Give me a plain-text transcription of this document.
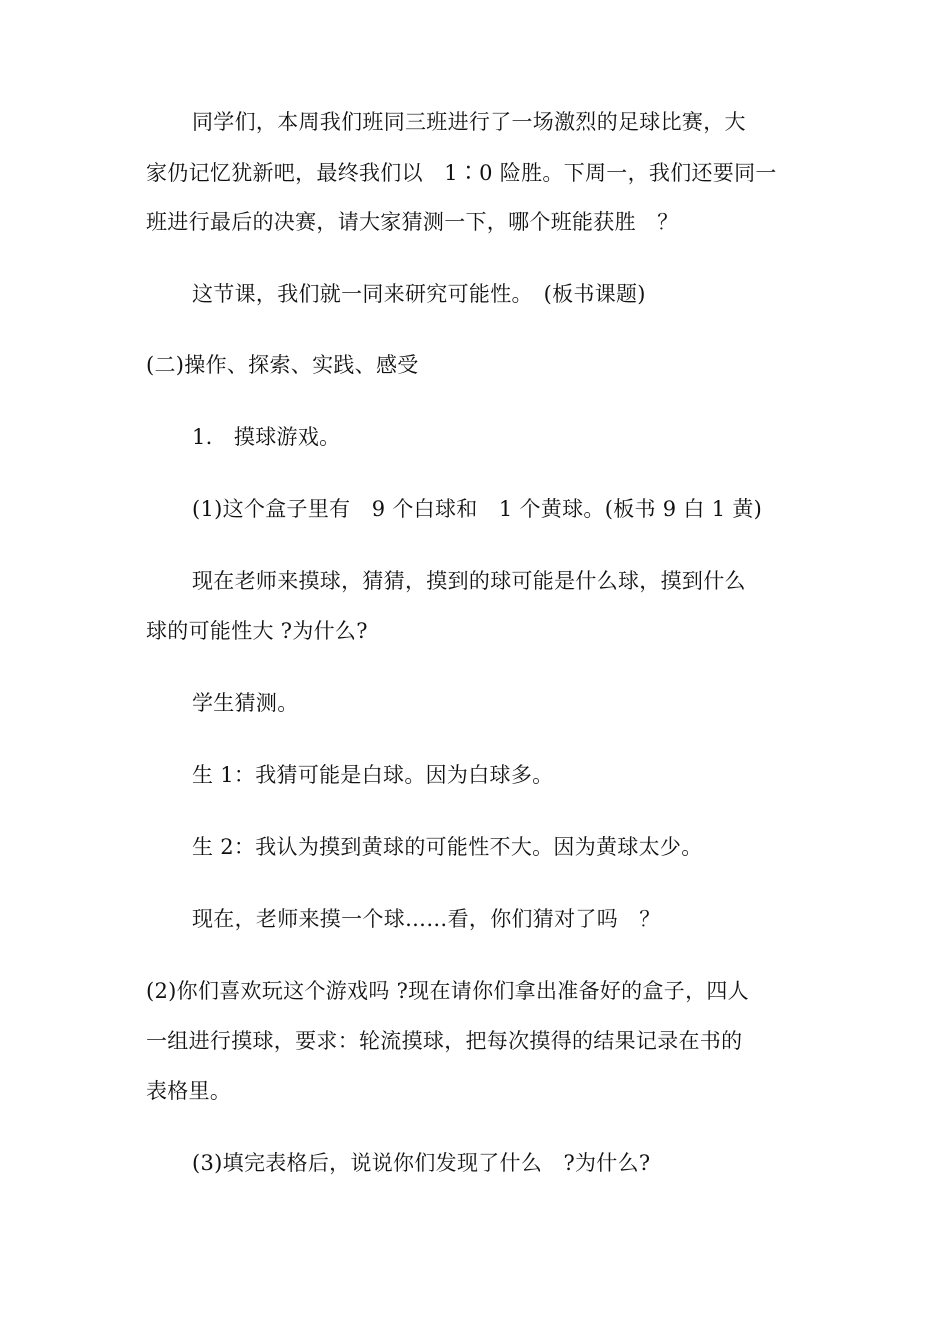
同学们，本周我们班同三班进行了一场激烈的足球比赛，大
家仍记忆犹新吧，最终我们以　1∶0 险胜。下周一，我们还要同一
班进行最后的决赛，请大家猜测一下，哪个班能获胜　？
这节课，我们就一同来研究可能性。　(板书课题)
(二)操作、探索、实践、感受
1.　摸球游戏。
(1)这个盒子里有　9 个白球和　1 个黄球。(板书 9 白 1 黄)
现在老师来摸球，猜猜，摸到的球可能是什么球，摸到什么
球的可能性大 ?为什么?
学生猜测。
生 1：我猜可能是白球。因为白球多。
生 2：我认为摸到黄球的可能性不大。因为黄球太少。
现在，老师来摸一个球……看，你们猜对了吗　？
(2)你们喜欢玩这个游戏吗 ?现在请你们拿出准备好的盒子，四人
一组进行摸球，要求：轮流摸球，把每次摸得的结果记录在书的
表格里。
(3)填完表格后，说说你们发现了什么　?为什么?
